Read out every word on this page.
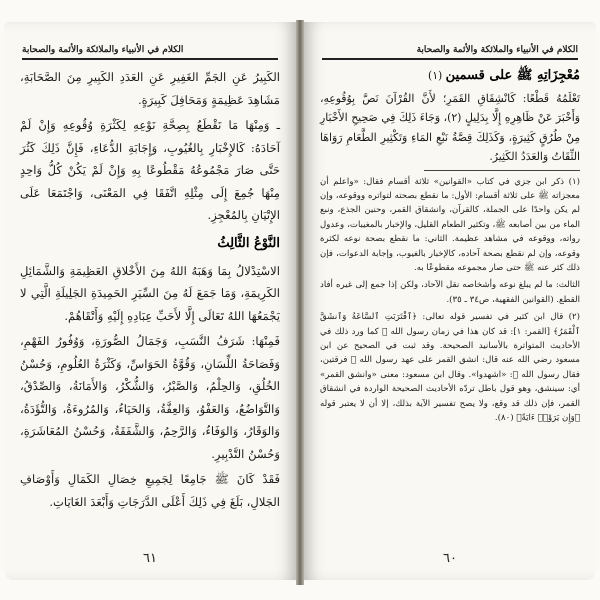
الكلام في الأنبياء والملائكة والأئمة والصحابة

الكَبِيرُ عَنِ الجَمِّ الغَفِيرِ عَنِ العَدَدِ الكَبِيرِ مِنَ الصَّحَابَةِ، مَشَاهِدَ عَظِيمَةٍ وَمَحَافِلَ كَبِيرَةٍ.

ـ وَمِنْهَا مَا نَقْطَعُ بِصِحَّةِ نَوْعِهِ لِكَثْرَةِ وُقُوعِهِ وَإِنْ لَمْ آحَادَهُ: كَالإِخْبَارِ بِالغُيُوبِ، وَإِجَابَةِ الدُّعَاءِ، فَإِنَّ ذَلِكَ كَثُرَ حَتَّى صَارَ مَجْمُوعُهُ مَقْطُوعًا بِهِ وَإِنْ لَمْ يَكُنْ كُلُّ وَاحِدٍ مِنْهَا جُمِعَ إِلَى مِثْلِهِ اتَّفَقَا فِي المَعْنَى، وَاجْتَمَعَا عَلَى الإِتْيَانِ بِالمُعْجِزِ.

النَّوْعُ الثَّالِثُ

الاسْتِدْلالُ بِمَا وَهَبَهُ اللهُ مِنَ الأَخْلاقِ العَظِيمَةِ وَالشَّمَائِلِ الكَرِيمَةِ، وَمَا جَمَعَ لَهُ مِنَ السِّيَرِ الحَمِيدَةِ الجَلِيلَةِ الَّتِي لا يَجْمَعُهَا اللهُ تَعَالَى إِلَّا لأَحَبِّ عِبَادِهِ إِلَيْهِ وَأَتْقَاهُمْ.

فَمِنْهَا: شَرَفُ النَّسَبِ، وَجَمَالُ الصُّورَةِ، وَوُفُورُ الفَهْمِ، وَفَصَاحَةُ اللِّسَانِ، وَقُوَّةُ الحَوَاسِّ، وَكَثْرَةُ العُلُومِ، وَحُسْنُ الخُلُقِ، وَالحِلْمُ، وَالصَّبْرُ، وَالشُّكْرُ، وَالأَمَانَةُ، وَالصِّدْقُ، وَالتَّوَاضُعُ، وَالعَفْوُ، وَالعِفَّةُ، وَالحَيَاءُ، وَالمُرُوءَةُ، وَالتُّؤَدَةُ، وَالوَقَارُ، وَالوَفَاءُ، وَالرَّحِمُ، وَالشَّفَقَةُ، وَحُسْنُ المُعَاشَرَةِ، وَحُسْنُ التَّدْبِيرِ.

فَقَدْ كَانَ ﷺ جَامِعًا لِجَمِيعِ خِصَالِ الكَمَالِ وَأَوْصَافِ الجَلالِ، بَلَغَ فِي ذَلِكَ أَعْلَى الدَّرَجَاتِ وَأَبْعَدَ الغَايَاتِ.

٦١
الكلام في الأنبياء والملائكة والأئمة والصحابة

مُعْجِزَاتِهِ ﷺ على قسمين (١)

تَعْلَمُهُ قَطْعًا: كَانْشِقَاقِ القَمَرِ؛ لأَنَّ القُرْآنَ نَصَّ بِوُقُوعِهِ، وَأَخْبَرَ عَنْ ظَاهِرِهِ إِلَّا بِدَلِيلٍ (٢)، وَجَاءَ ذَلِكَ فِي صَحِيحِ الأَخْبَارِ مِنْ طُرُقٍ كَثِيرَةٍ، وَكَذَلِكَ قِصَّةُ نَبْعِ المَاءِ وَتَكْثِيرِ الطَّعَامِ رَوَاهَا الثِّقَاتُ وَالعَدَدُ الكَثِيرُ.

(١) ذكر ابن جزي في كتاب «القوانين» ثلاثة أقسام فقال: «واعلم أن معجزاته ﷺ على ثلاثة أقسام: الأول: ما نقطع بصحته لتواتره ووقوعه، وإن لم يكن واحدًا على الجملة، كالقرآن، وانشقاق القمر، وحنين الجذع، ونبع الماء من بين أصابعه ﷺ، وتكثير الطعام القليل، والإخبار بالمغيبات، وعدول رواته، ووقوعه في مشاهد عظيمة. الثاني: ما نقطع بصحة نوعه لكثرة وقوعه، وإن لم نقطع بصحة آحاده، كالإخبار بالغيوب، وإجابة الدعوات، فإن ذلك كثر عنه ﷺ حتى صار مجموعه مقطوعًا به.

الثالث: ما لم يبلغ نوعه وأشخاصه نقل الآحاد، ولكن إذا جمع إلى غيره أفاد القطع. (القوانين الفقهية، ص٣٤ ـ ٣٥).

(٢) قال ابن كثير في تفسير قوله تعالى: ﴿ٱقْتَرَبَتِ ٱلسَّاعَةُ وَٱنشَقَّ ٱلْقَمَرُ﴾ [القمر: ١]: قد كان هذا في زمان رسول الله ﷺ كما ورد ذلك في الأحاديث المتواترة بالأسانيد الصحيحة. وقد ثبت في الصحيح عن ابن مسعود رضي الله عنه قال: انشق القمر على عهد رسول الله ﷺ فرقتين، فقال رسول الله ﷺ: «اشهدوا». وقال ابن مسعود: معنى «وانشق القمر» أي: سينشق، وهو قول باطل تردّه الأحاديث الصحيحة الواردة في انشقاق القمر، فإن ذلك قد وقع، ولا يصح تفسير الآية بذلك، إلا أن لا يعتبر قوله ﴿وَإِن يَرَوْا۟ ءَايَةً﴾ (٨٠).

٦٠
